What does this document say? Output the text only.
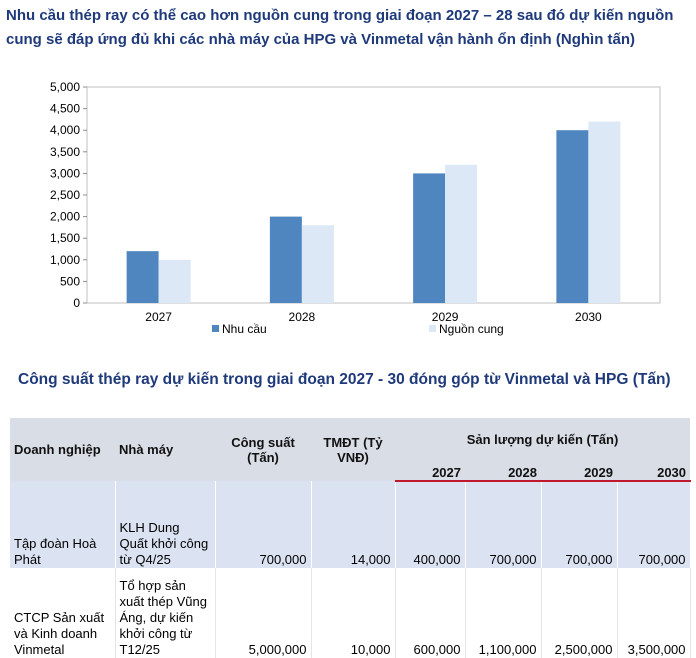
Nhu cầu thép ray có thể cao hơn nguồn cung trong giai đoạn 2027 – 28 sau đó dự kiến nguồn cung sẽ đáp ứng đủ khi các nhà máy của HPG và Vinmetal vận hành ổn định (Nghìn tấn)
0
500
1,000
1,500
2,000
2,500
3,000
3,500
4,000
4,500
5,000
2027	2028	2029	2030
Nhu cầu	Nguồn cung
Công suất thép ray dự kiến trong giai đoạn 2027 - 30 đóng góp từ Vinmetal và HPG (Tấn)
Doanh nghiệp	Nhà máy	Công suất (Tấn)	TMĐT (Tỷ VNĐ)	Sản lượng dự kiến (Tấn)			
				2027	2028	2029	2030
Tập đoàn Hoà Phát	KLH Dung Quất khởi công từ Q4/25	700,000	14,000	400,000	700,000	700,000	700,000
CTCP Sản xuất và Kinh doanh Vinmetal	Tổ hợp sản xuất thép Vũng Áng, dự kiến khởi công từ T12/25	5,000,000	10,000	600,000	1,100,000	2,500,000	3,500,000
